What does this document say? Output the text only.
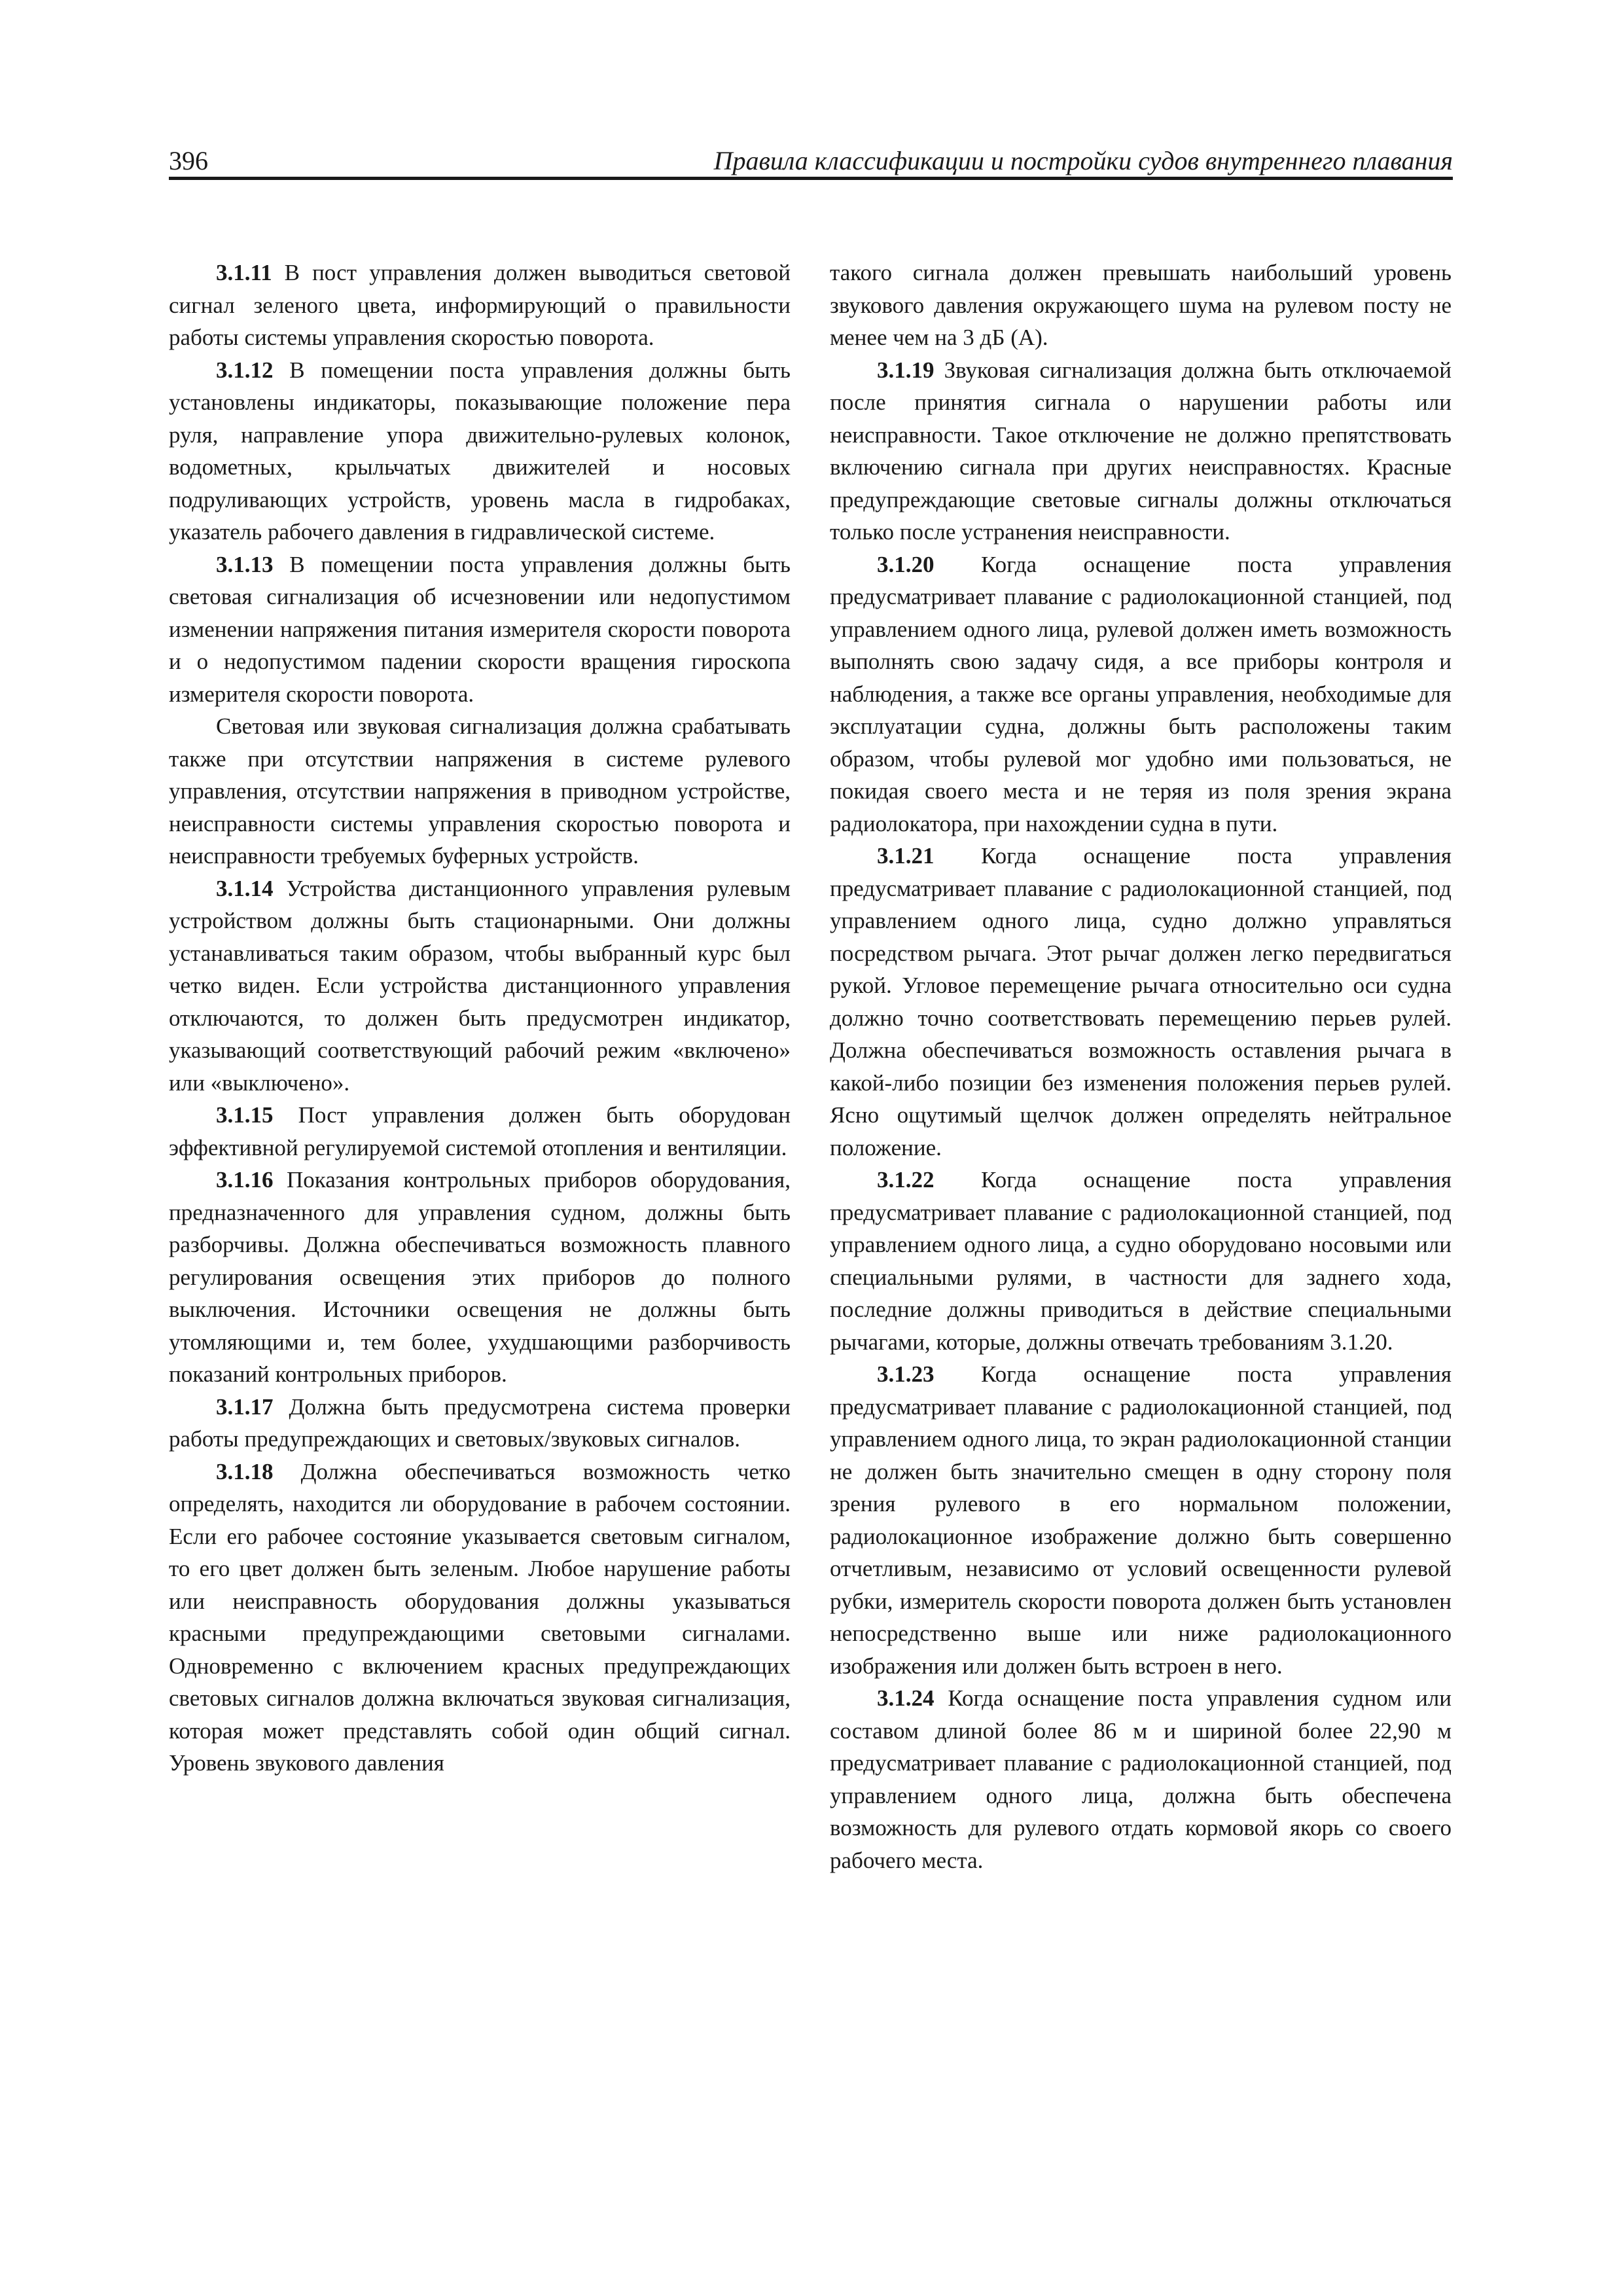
396	Правила классификации и постройки судов внутреннего плавания

3.1.11 В пост управления должен выводиться световой сигнал зеленого цвета, информирующий о правильности работы системы управления скоростью поворота.

3.1.12 В помещении поста управления должны быть установлены индикаторы, показывающие положение пера руля, направление упора движительно-рулевых колонок, водометных, крыльчатых движителей и носовых подруливающих устройств, уровень масла в гидробаках, указатель рабочего давления в гидравлической системе.

3.1.13 В помещении поста управления должны быть световая сигнализация об исчезновении или недопустимом изменении напряжения питания измерителя скорости поворота и о недопустимом падении скорости вращения гироскопа измерителя скорости поворота.

Световая или звуковая сигнализация должна срабатывать также при отсутствии напряжения в системе рулевого управления, отсутствии напряжения в приводном устройстве, неисправности системы управления скоростью поворота и неисправности требуемых буферных устройств.

3.1.14 Устройства дистанционного управления рулевым устройством должны быть стационарными. Они должны устанавливаться таким образом, чтобы выбранный курс был четко виден. Если устройства дистанционного управления отключаются, то должен быть предусмотрен индикатор, указывающий соответствующий рабочий режим «включено» или «выключено».

3.1.15 Пост управления должен быть оборудован эффективной регулируемой системой отопления и вентиляции.

3.1.16 Показания контрольных приборов оборудования, предназначенного для управления судном, должны быть разборчивы. Должна обеспечиваться возможность плавного регулирования освещения этих приборов до полного выключения. Источники освещения не должны быть утомляющими и, тем более, ухудшающими разборчивость показаний контрольных приборов.

3.1.17 Должна быть предусмотрена система проверки работы предупреждающих и световых/звуковых сигналов.

3.1.18 Должна обеспечиваться возможность четко определять, находится ли оборудование в рабочем состоянии. Если его рабочее состояние указывается световым сигналом, то его цвет должен быть зеленым. Любое нарушение работы или неисправность оборудования должны указываться красными предупреждающими световыми сигналами. Одновременно с включением красных предупреждающих световых сигналов должна включаться звуковая сигнализация, которая может представлять собой один общий сигнал. Уровень звукового давления

такого сигнала должен превышать наибольший уровень звукового давления окружающего шума на рулевом посту не менее чем на 3 дБ (А).

3.1.19 Звуковая сигнализация должна быть отключаемой после принятия сигнала о нарушении работы или неисправности. Такое отключение не должно препятствовать включению сигнала при других неисправностях. Красные предупреждающие световые сигналы должны отключаться только после устранения неисправности.

3.1.20 Когда оснащение поста управления предусматривает плавание с радиолокационной станцией, под управлением одного лица, рулевой должен иметь возможность выполнять свою задачу сидя, а все приборы контроля и наблюдения, а также все органы управления, необходимые для эксплуатации судна, должны быть расположены таким образом, чтобы рулевой мог удобно ими пользоваться, не покидая своего места и не теряя из поля зрения экрана радиолокатора, при нахождении судна в пути.

3.1.21 Когда оснащение поста управления предусматривает плавание с радиолокационной станцией, под управлением одного лица, судно должно управляться посредством рычага. Этот рычаг должен легко передвигаться рукой. Угловое перемещение рычага относительно оси судна должно точно соответствовать перемещению перьев рулей. Должна обеспечиваться возможность оставления рычага в какой-либо позиции без изменения положения перьев рулей. Ясно ощутимый щелчок должен определять нейтральное положение.

3.1.22 Когда оснащение поста управления предусматривает плавание с радиолокационной станцией, под управлением одного лица, а судно оборудовано носовыми или специальными рулями, в частности для заднего хода, последние должны приводиться в действие специальными рычагами, которые, должны отвечать требованиям 3.1.20.

3.1.23 Когда оснащение поста управления предусматривает плавание с радиолокационной станцией, под управлением одного лица, то экран радиолокационной станции не должен быть значительно смещен в одну сторону поля зрения рулевого в его нормальном положении, радиолокационное изображение должно быть совершенно отчетливым, независимо от условий освещенности рулевой рубки, измеритель скорости поворота должен быть установлен непосредственно выше или ниже радиолокационного изображения или должен быть встроен в него.

3.1.24 Когда оснащение поста управления судном или составом длиной более 86 м и шириной более 22,90 м предусматривает плавание с радиолокационной станцией, под управлением одного лица, должна быть обеспечена возможность для рулевого отдать кормовой якорь со своего рабочего места.
